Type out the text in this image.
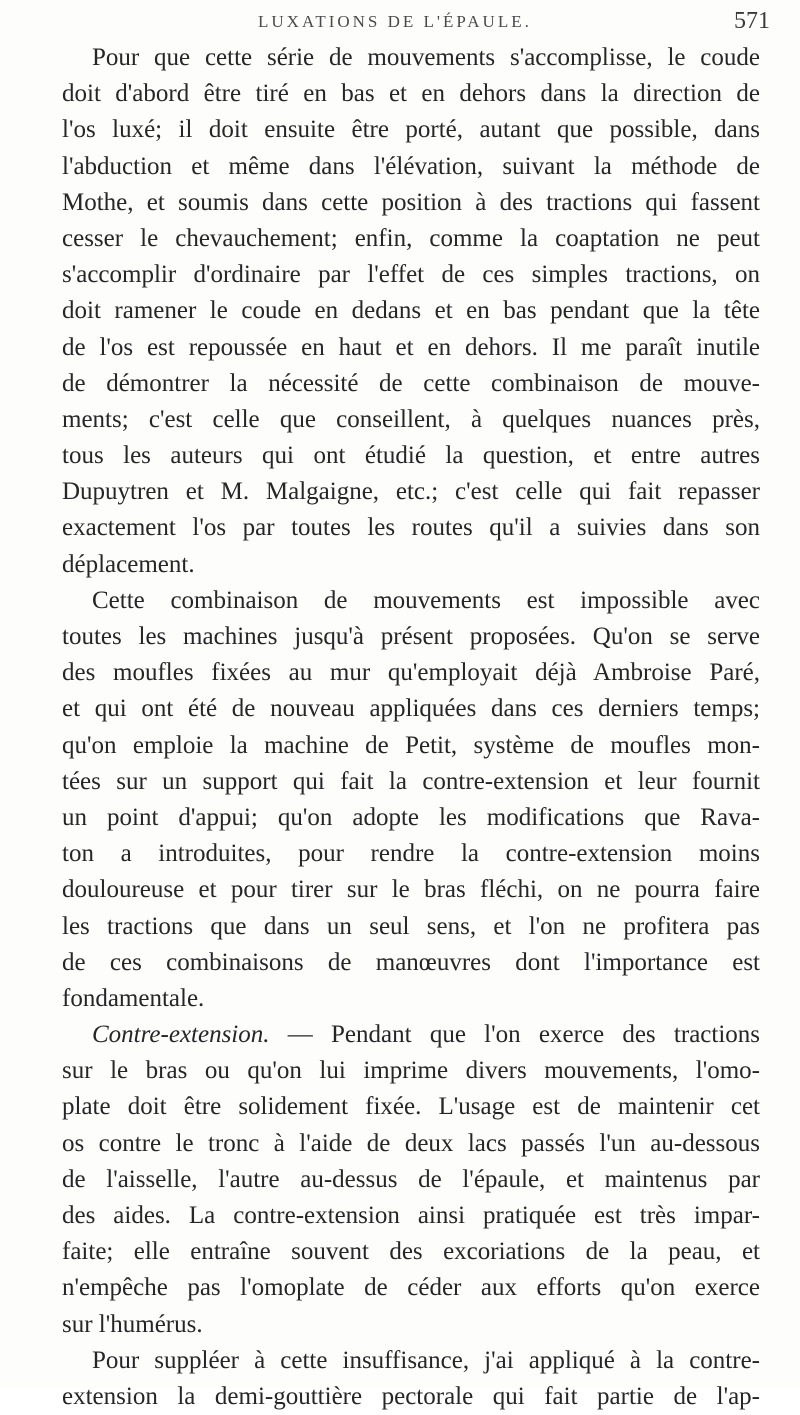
LUXATIONS DE L'ÉPAULE.	571
Pour que cette série de mouvements s'accomplisse, le coude
doit d'abord être tiré en bas et en dehors dans la direction de
l'os luxé; il doit ensuite être porté, autant que possible, dans
l'abduction et même dans l'élévation, suivant la méthode de
Mothe, et soumis dans cette position à des tractions qui fassent
cesser le chevauchement; enfin, comme la coaptation ne peut
s'accomplir d'ordinaire par l'effet de ces simples tractions, on
doit ramener le coude en dedans et en bas pendant que la tête
de l'os est repoussée en haut et en dehors. Il me paraît inutile
de démontrer la nécessité de cette combinaison de mouve-
ments; c'est celle que conseillent, à quelques nuances près,
tous les auteurs qui ont étudié la question, et entre autres
Dupuytren et M. Malgaigne, etc.; c'est celle qui fait repasser
exactement l'os par toutes les routes qu'il a suivies dans son
déplacement.
Cette combinaison de mouvements est impossible avec
toutes les machines jusqu'à présent proposées. Qu'on se serve
des moufles fixées au mur qu'employait déjà Ambroise Paré,
et qui ont été de nouveau appliquées dans ces derniers temps;
qu'on emploie la machine de Petit, système de moufles mon-
tées sur un support qui fait la contre-extension et leur fournit
un point d'appui; qu'on adopte les modifications que Rava-
ton a introduites, pour rendre la contre-extension moins
douloureuse et pour tirer sur le bras fléchi, on ne pourra faire
les tractions que dans un seul sens, et l'on ne profitera pas
de ces combinaisons de manœuvres dont l'importance est
fondamentale.
Contre-extension. — Pendant que l'on exerce des tractions
sur le bras ou qu'on lui imprime divers mouvements, l'omo-
plate doit être solidement fixée. L'usage est de maintenir cet
os contre le tronc à l'aide de deux lacs passés l'un au-dessous
de l'aisselle, l'autre au-dessus de l'épaule, et maintenus par
des aides. La contre-extension ainsi pratiquée est très impar-
faite; elle entraîne souvent des excoriations de la peau, et
n'empêche pas l'omoplate de céder aux efforts qu'on exerce
sur l'humérus.
Pour suppléer à cette insuffisance, j'ai appliqué à la contre-
extension la demi-gouttière pectorale qui fait partie de l'ap-
